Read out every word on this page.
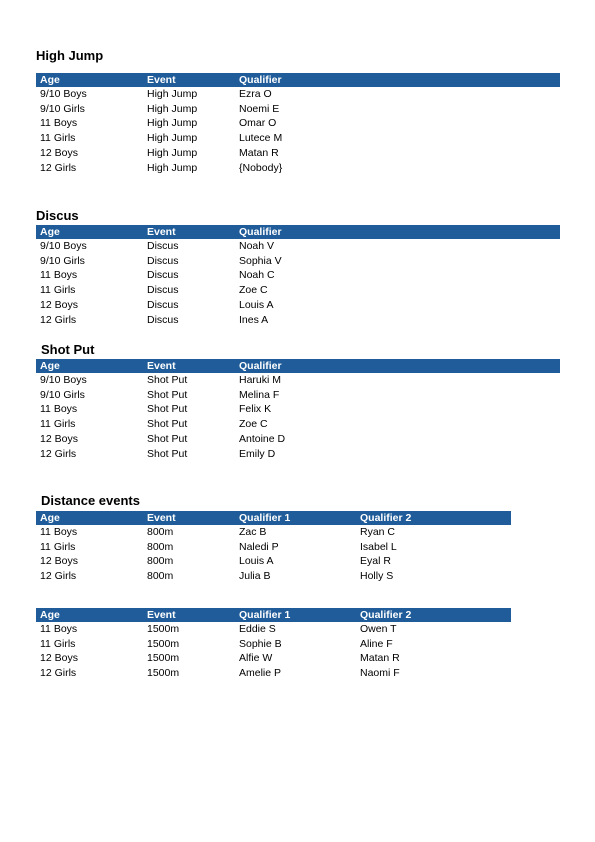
High Jump
Age	Event	Qualifier
9/10 Boys	High Jump	Ezra O
9/10 Girls	High Jump	Noemi E
11 Boys	High Jump	Omar O
11 Girls	High Jump	Lutece M
12 Boys	High Jump	Matan R
12 Girls	High Jump	{Nobody}
Discus
Age	Event	Qualifier
9/10 Boys	Discus	Noah V
9/10 Girls	Discus	Sophia V
11 Boys	Discus	Noah C
11 Girls	Discus	Zoe C
12 Boys	Discus	Louis A
12 Girls	Discus	Ines A
Shot Put
Age	Event	Qualifier
9/10 Boys	Shot Put	Haruki M
9/10 Girls	Shot Put	Melina F
11 Boys	Shot Put	Felix K
11 Girls	Shot Put	Zoe C
12 Boys	Shot Put	Antoine D
12 Girls	Shot Put	Emily D
Distance events
Age	Event	Qualifier 1	Qualifier 2
11 Boys	800m	Zac B	Ryan C
11 Girls	800m	Naledi P	Isabel L
12 Boys	800m	Louis A	Eyal R
12 Girls	800m	Julia B	Holly S
Age	Event	Qualifier 1	Qualifier 2
11 Boys	1500m	Eddie S	Owen T
11 Girls	1500m	Sophie B	Aline F
12 Boys	1500m	Alfie W	Matan R
12 Girls	1500m	Amelie P	Naomi F
